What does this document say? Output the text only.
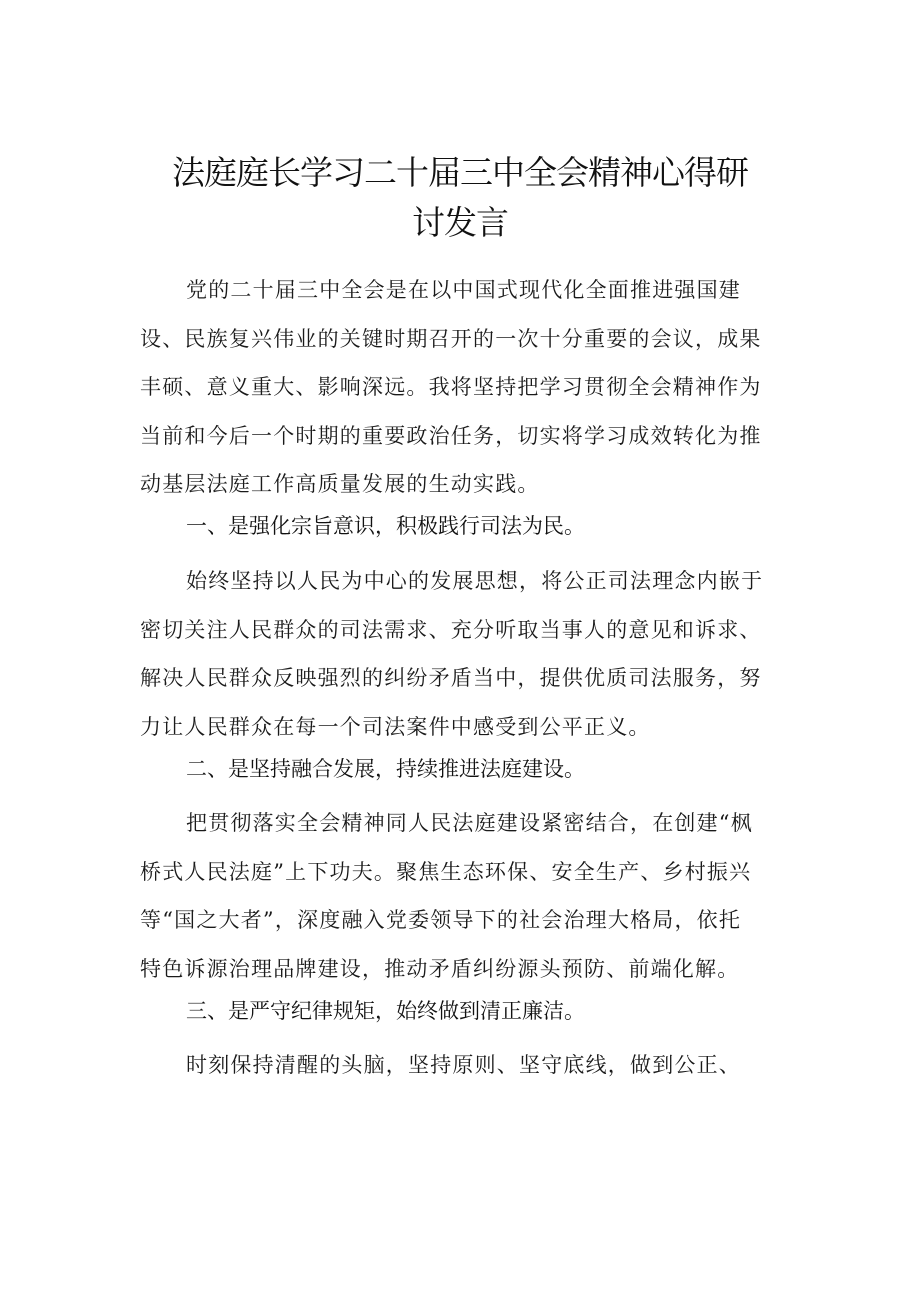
法庭庭长学习二十届三中全会精神心得研
讨发言
党的二十届三中全会是在以中国式现代化全面推进强国建
设、民族复兴伟业的关键时期召开的一次十分重要的会议，成果
丰硕、意义重大、影响深远。我将坚持把学习贯彻全会精神作为
当前和今后一个时期的重要政治任务，切实将学习成效转化为推
动基层法庭工作高质量发展的生动实践。
一、是强化宗旨意识，积极践行司法为民。
始终坚持以人民为中心的发展思想，将公正司法理念内嵌于
密切关注人民群众的司法需求、充分听取当事人的意见和诉求、
解决人民群众反映强烈的纠纷矛盾当中，提供优质司法服务，努
力让人民群众在每一个司法案件中感受到公平正义。
二、是坚持融合发展，持续推进法庭建设。
把贯彻落实全会精神同人民法庭建设紧密结合，在创建“枫
桥式人民法庭”上下功夫。聚焦生态环保、安全生产、乡村振兴
等“国之大者”，深度融入党委领导下的社会治理大格局，依托
特色诉源治理品牌建设，推动矛盾纠纷源头预防、前端化解。
三、是严守纪律规矩，始终做到清正廉洁。
时刻保持清醒的头脑，坚持原则、坚守底线，做到公正、
